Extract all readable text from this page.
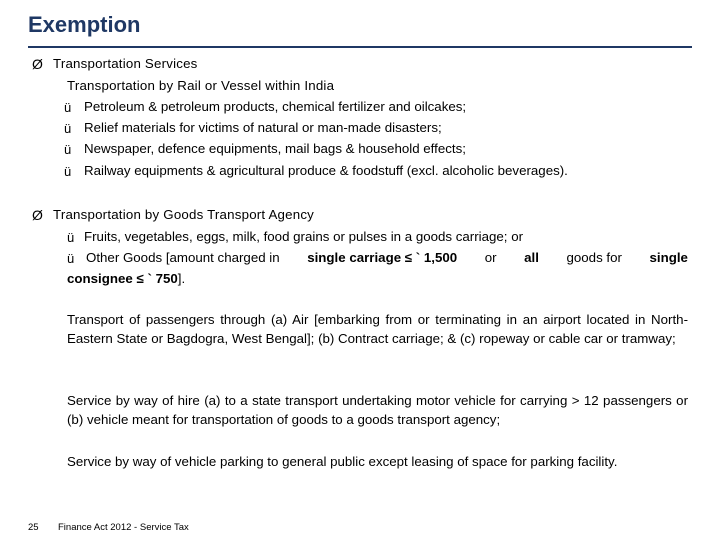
Exemption
Ø Transportation Services
Transportation by Rail or Vessel within India
ü Petroleum & petroleum products, chemical fertilizer and oilcakes;
ü Relief materials for victims of natural or man-made disasters;
ü Newspaper, defence equipments, mail bags & household effects;
ü Railway equipments & agricultural produce & foodstuff (excl. alcoholic beverages).
Ø Transportation by Goods Transport Agency
ü Fruits, vegetables, eggs, milk, food grains or pulses in a goods carriage; or
ü Other Goods [amount charged in single carriage ≤ ` 1,500 or all goods for single
consignee ≤ ` 750].
Transport of passengers through (a) Air [embarking from or terminating in an airport located in North-Eastern State or Bagdogra, West Bengal]; (b) Contract carriage; & (c) ropeway or cable car or tramway;
Service by way of hire (a) to a state transport undertaking motor vehicle for carrying > 12 passengers or (b) vehicle meant for transportation of goods to a goods transport agency;
Service by way of vehicle parking to general public except leasing of space for parking facility.
25 Finance Act 2012 - Service Tax
